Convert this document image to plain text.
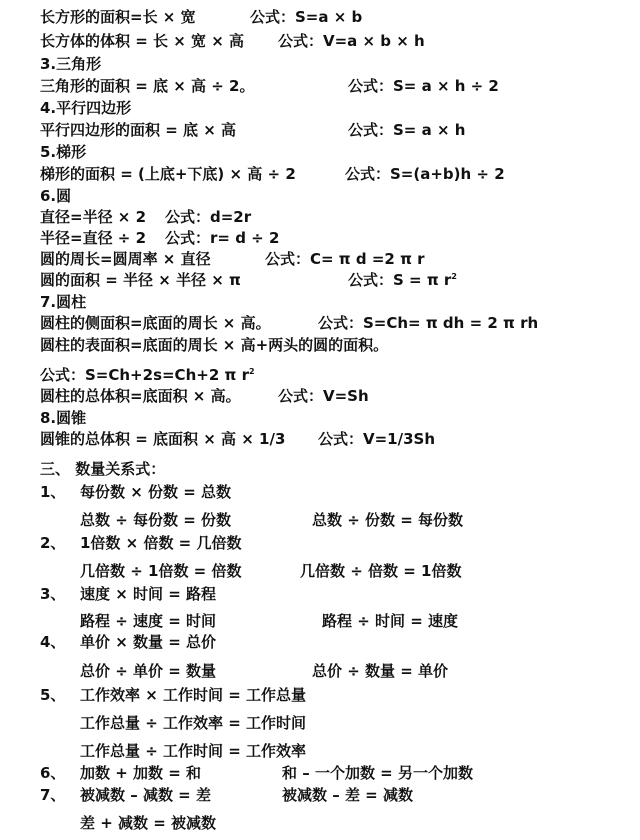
长方形的面积=长 × 宽	公式：S=a × b
长方体的体积 = 长 × 宽 × 高 公式：V=a × b × h
3.三角形
三角形的面积 = 底 × 高 ÷ 2。	公式：S= a × h ÷ 2
4.平行四边形
平行四边形的面积 = 底 × 高	公式：S= a × h
5.梯形
梯形的面积 = (上底+下底) × 高 ÷ 2	公式：S=(a+b)h ÷ 2
6.圆
直径=半径 × 2 公式：d=2r
半径=直径 ÷ 2 公式：r= d ÷ 2
圆的周长=圆周率 × 直径	公式：C= π d =2 π r
圆的面积 = 半径 × 半径 × π	公式：S = π $r^2$
7.圆柱
圆柱的侧面积=底面的周长 × 高。	公式：S=Ch= π dh = 2 π rh
圆柱的表面积=底面的周长 × 高+两头的圆的面积。
公式：S=Ch+2s=Ch+2 π $r^2$
圆柱的总体积=底面积 × 高。 公式：V=Sh
8.圆锥
圆锥的总体积 = 底面积 × 高 × 1/3 公式：V=1/3Sh
三、 数量关系式：
1、 每份数 × 份数 = 总数
总数 ÷ 每份数 = 份数	总数 ÷ 份数 = 每份数
2、 1倍数 × 倍数 = 几倍数
几倍数 ÷ 1倍数 = 倍数	几倍数 ÷ 倍数 = 1倍数
3、 速度 × 时间 = 路程
路程 ÷ 速度 = 时间	路程 ÷ 时间 = 速度
4、 单价 × 数量 = 总价
总价 ÷ 单价 = 数量	总价 ÷ 数量 = 单价
5、 工作效率 × 工作时间 = 工作总量
工作总量 ÷ 工作效率 = 工作时间
工作总量 ÷ 工作时间 = 工作效率
6、 加数 + 加数 = 和	和 – 一个加数 = 另一个加数
7、 被减数 – 减数 = 差	被减数 – 差 = 减数
差 + 减数 = 被减数
